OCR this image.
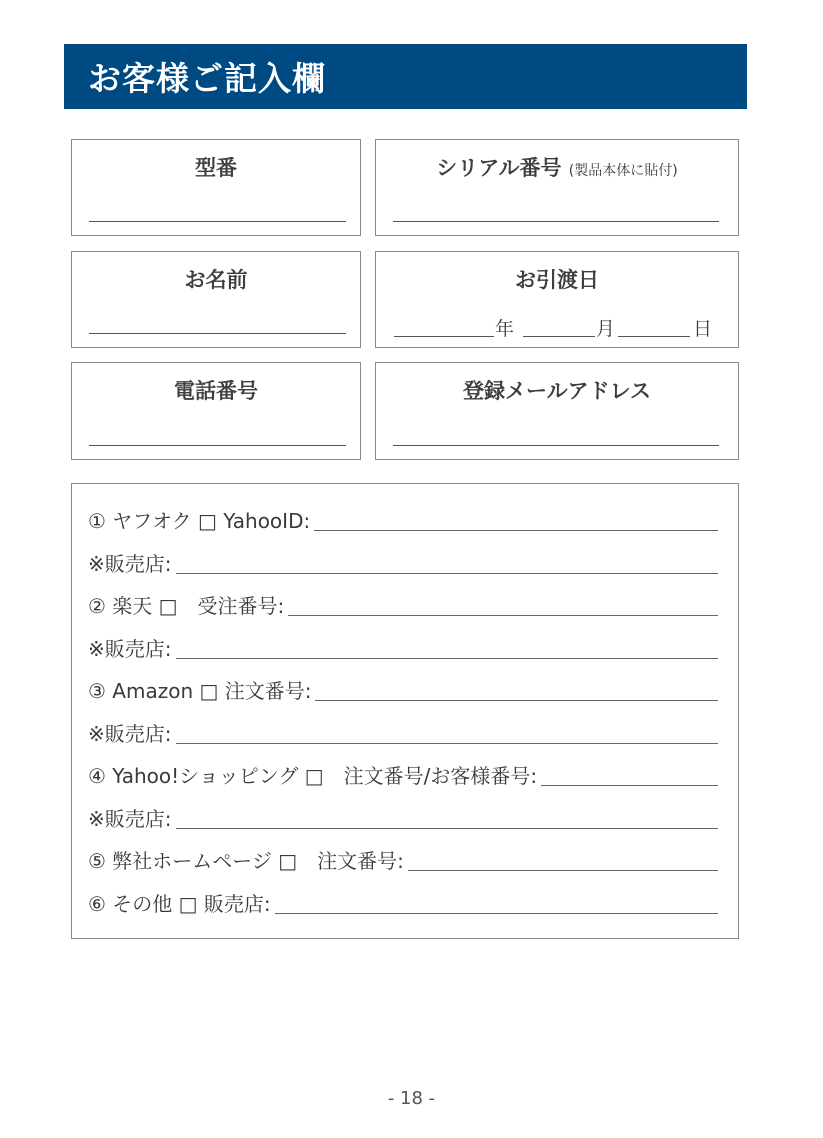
お客様ご記入欄
型番	シリアル番号 (製品本体に貼付)
お名前	お引渡日
年	月	日
電話番号	登録メールアドレス
① ヤフオク □ YahooID:
※販売店:
② 楽天 □　受注番号:
※販売店:
③ Amazon □ 注文番号:
※販売店:
④ Yahoo!ショッピング □　注文番号/お客様番号:
※販売店:
⑤ 弊社ホームページ □　注文番号:
⑥ その他 □ 販売店:
- 18 -
